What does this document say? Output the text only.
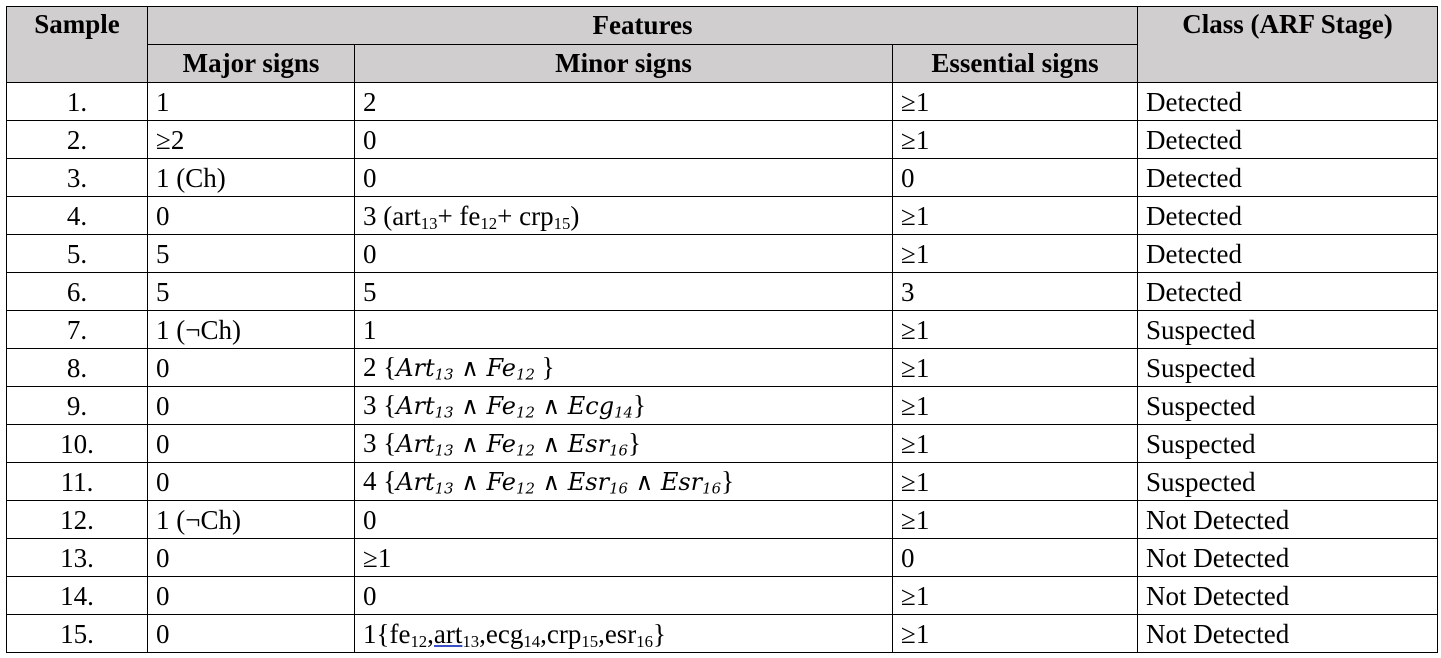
Sample	Features			Class (ARF Stage)
	Major signs	Minor signs	Essential signs	
1.	1	2	≥1	Detected
2.	≥2	0	≥1	Detected
3.	1 (Ch)	0	0	Detected
4.	0	3 $(art_{13}+ fe_{12}+ crp_{15})$	≥1	Detected
5.	5	0	≥1	Detected
6.	5	5	3	Detected
7.	1 (¬Ch)	1	≥1	Suspected
8.	0	2 {Art$_{13}$ ∧ $Fe_{12}$ }	≥1	Suspected
9.	0	3 {Art$_{13}$ ∧ $Fe_{12}$ ∧ Ecg$_{14}$}	≥1	Suspected
10.	0	3 {Art$_{13}$ ∧ $Fe_{12}$ ∧ Esr$_{16}$}	≥1	Suspected
11.	0	4 {Art$_{13}$ ∧ $Fe_{12}$ ∧ Esr$_{16}$ ∧ Esr$_{16}$}	≥1	Suspected
12.	1 (¬Ch)	0	≥1	Not Detected
13.	0	≥1	0	Not Detected
14.	0	0	≥1	Not Detected
15.	0	$1\{fe_{12},art_{13},ecg_{14},crp_{15},esr_{16}\}$	≥1	Not Detected
